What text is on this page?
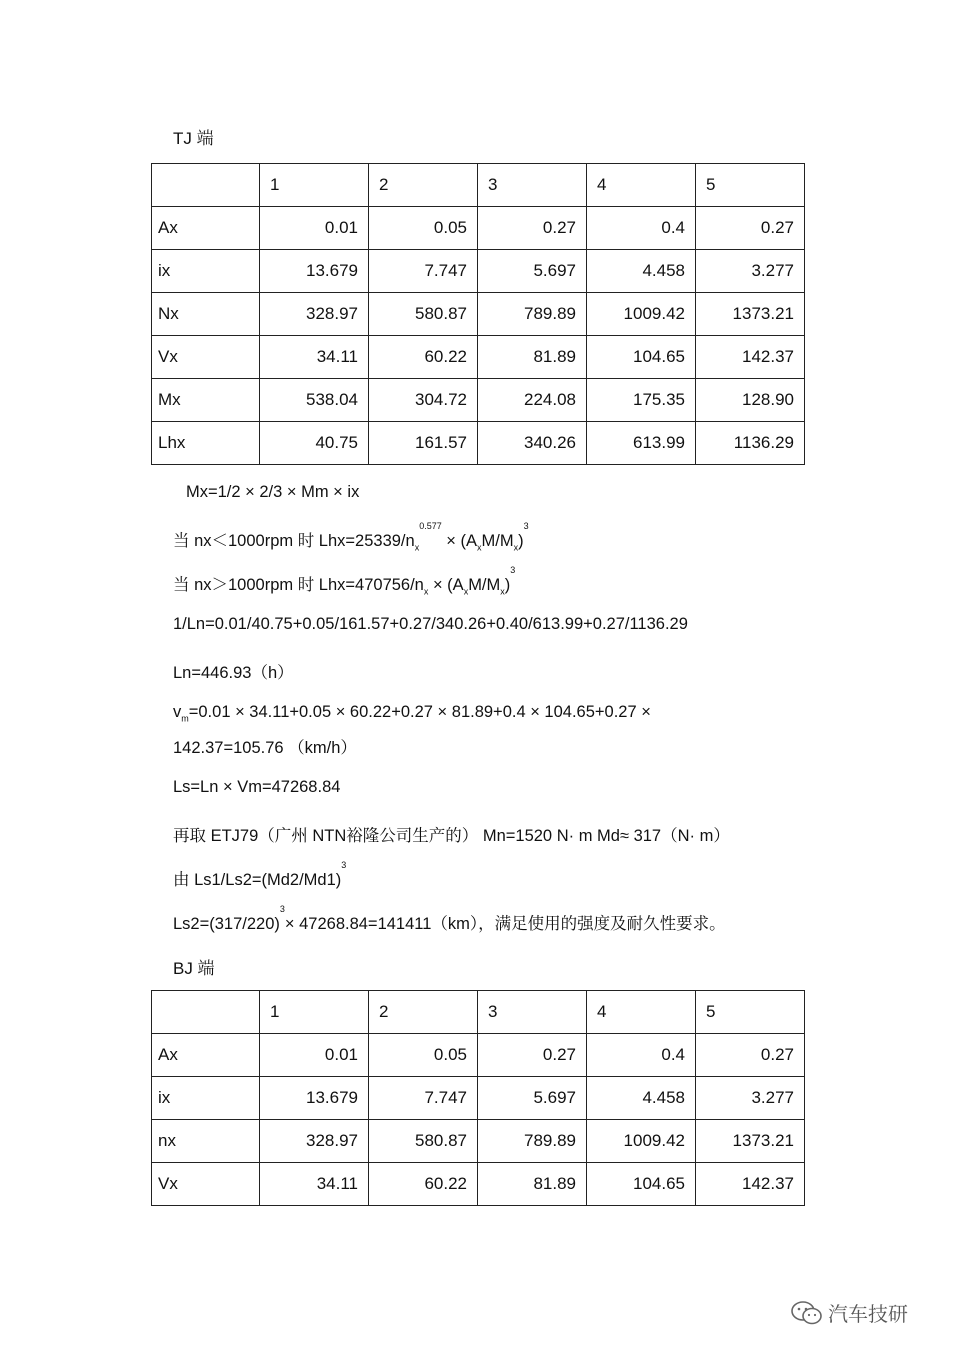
TJ 端
	1	2	3	4	5
Ax	0.01	0.05	0.27	0.4	0.27
ix	13.679	7.747	5.697	4.458	3.277
Nx	328.97	580.87	789.89	1009.42	1373.21
Vx	34.11	60.22	81.89	104.65	142.37
Mx	538.04	304.72	224.08	175.35	128.90
Lhx	40.75	161.57	340.26	613.99	1136.29
Mx=1/2 × 2/3 × Mm × ix
当 nx＜1000rpm 时 $Lhx=25339/n_x^{0.577} \times (A_xM/M_x)^3$
当 nx＞1000rpm 时 $Lhx=470756/n_x \times (A_xM/M_x)^3$
1/Ln=0.01/40.75+0.05/161.57+0.27/340.26+0.40/613.99+0.27/1136.29
Ln=446.93（h）
$v_m=0.01 \times 34.11+0.05 \times 60.22+0.27 \times 81.89+0.4 \times 104.65+0.27$ ×
142.37=105.76 （km/h）
Ls=Ln × Vm=47268.84
再取 ETJ79（广州 NTN裕隆公司生产的） Mn=1520 N· m Md≈ 317（N· m）
由 $Ls1/Ls2=(Md2/Md1)^3$
$Ls2=(317/220)^3\times 47268.84=141411(km)$，满足使用的强度及耐久性要求。
BJ 端
	1	2	3	4	5
Ax	0.01	0.05	0.27	0.4	0.27
ix	13.679	7.747	5.697	4.458	3.277
nx	328.97	580.87	789.89	1009.42	1373.21
Vx	34.11	60.22	81.89	104.65	142.37
汽车技研
